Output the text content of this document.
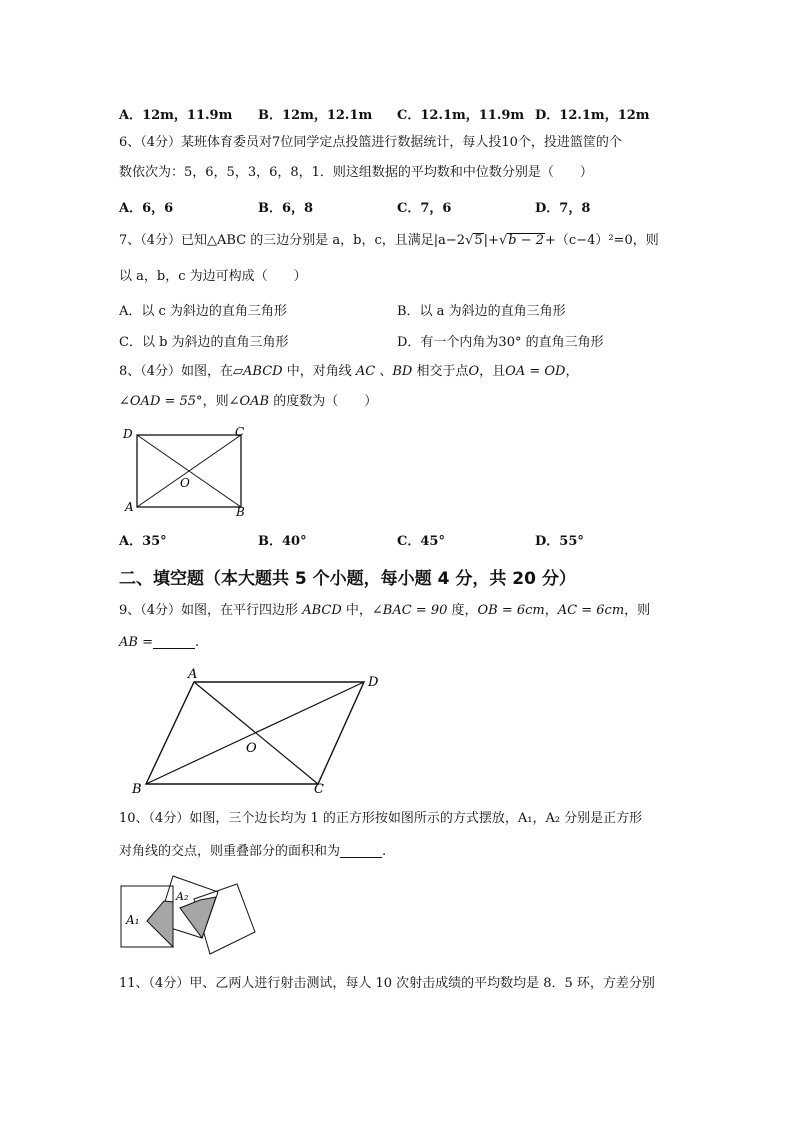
A．12m，11.9m B．12m，12.1m C．12.1m，11.9m D．12.1m，12m
6、（4分）某班体育委员对7位同学定点投篮进行数据统计，每人投10个，投进篮筐的个
数依次为：5，6，5，3，6，8，1．则这组数据的平均数和中位数分别是（　　）
A．6，6	B．6，8	C．7，6	D．7，8
7、（4分）已知△ABC 的三边分别是 a，b，c，且满足|a−2√5|+√b − 2+（c−4）²=0，则
以 a，b，c 为边可构成（　　）
A．以 c 为斜边的直角三角形	B．以 a 为斜边的直角三角形
C．以 b 为斜边的直角三角形	D．有一个内角为30° 的直角三角形
8、（4分）如图，在▱ABCD 中，对角线 AC 、BD 相交于点O，且OA = OD，
∠OAD = 55°，则∠OAB 的度数为（　　）
D	C
A	B
O
A．35°	B．40°	C．45°	D．55°
二、填空题（本大题共 5 个小题，每小题 4 分，共 20 分）
9、（4分）如图，在平行四边形 ABCD 中，∠BAC = 90 度，OB = 6cm，AC = 6cm，则
AB =	.
A
D
B	C
O
10、（4分）如图，三个边长均为 1 的正方形按如图所示的方式摆放，A₁，A₂ 分别是正方形
对角线的交点，则重叠部分的面积和为	.
A₁
A₂
11、（4分）甲、乙两人进行射击测试，每人 10 次射击成绩的平均数均是 8．5 环，方差分别
